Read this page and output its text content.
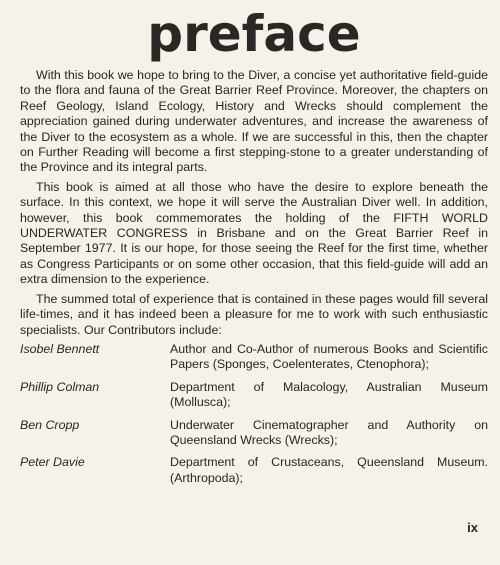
preface

With this book we hope to bring to the Diver, a concise yet authoritative field-guide to the flora and fauna of the Great Barrier Reef Province. Moreover, the chapters on Reef Geology, Island Ecology, History and Wrecks should complement the appreciation gained during underwater adventures, and increase the awareness of the Diver to the ecosystem as a whole. If we are successful in this, then the chapter on Further Reading will become a first stepping-stone to a greater understanding of the Province and its integral parts.

This book is aimed at all those who have the desire to explore beneath the surface. In this context, we hope it will serve the Australian Diver well. In addition, however, this book commemorates the holding of the FIFTH WORLD UNDERWATER CONGRESS in Brisbane and on the Great Barrier Reef in September 1977. It is our hope, for those seeing the Reef for the first time, whether as Congress Participants or on some other occasion, that this field-guide will add an extra dimension to the experience.

The summed total of experience that is contained in these pages would fill several life-times, and it has indeed been a pleasure for me to work with such enthusiastic specialists. Our Contributors include:

Isobel Bennett	Author and Co-Author of numerous Books and Scientific Papers (Sponges, Coelenterates, Ctenophora);
Phillip Colman	Department of Malacology, Australian Museum (Mollusca);
Ben Cropp	Underwater Cinematographer and Authority on Queensland Wrecks (Wrecks);
Peter Davie	Department of Crustaceans, Queensland Museum. (Arthropoda);
ix
